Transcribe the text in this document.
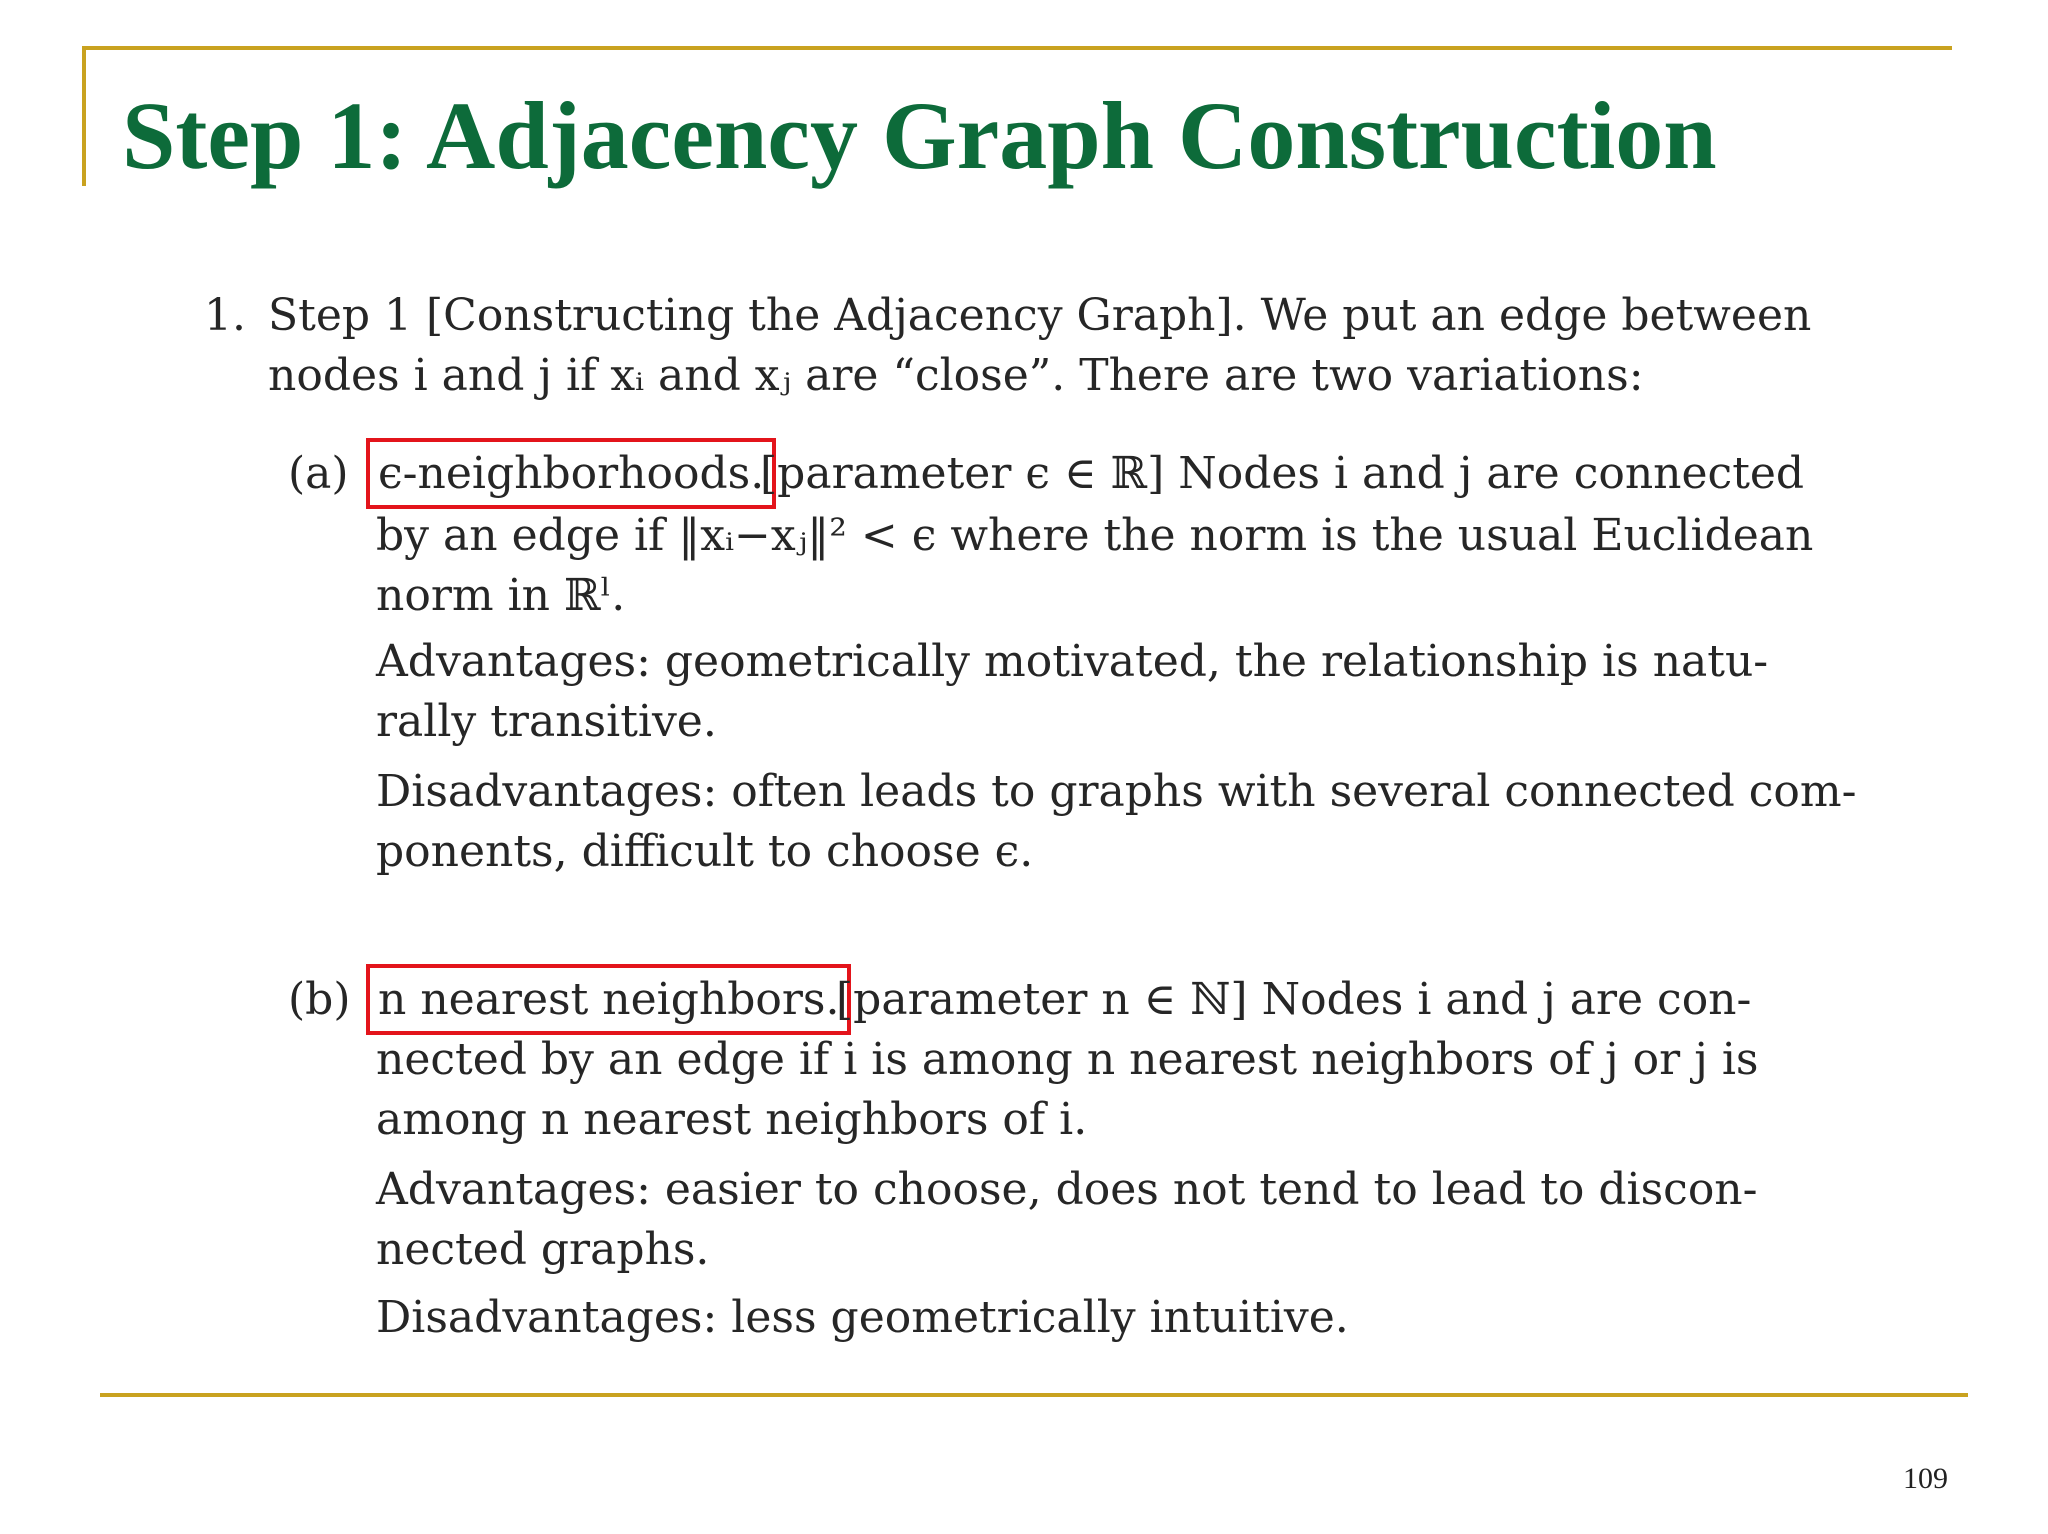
Step 1: Adjacency Graph Construction
1. Step 1 [Constructing the Adjacency Graph]. We put an edge between
nodes i and j if xᵢ and xⱼ are “close”. There are two variations:
(a) ϵ-neighborhoods.
[parameter ϵ ∈ ℝ] Nodes i and j are connected
by an edge if ‖xᵢ−xⱼ‖² < ϵ where the norm is the usual Euclidean
norm in ℝˡ.
Advantages: geometrically motivated, the relationship is natu-
rally transitive.
Disadvantages: often leads to graphs with several connected com-
ponents, difficult to choose ϵ.
(b) n nearest neighbors.
[parameter n ∈ ℕ] Nodes i and j are con-
nected by an edge if i is among n nearest neighbors of j or j is
among n nearest neighbors of i.
Advantages: easier to choose, does not tend to lead to discon-
nected graphs.
Disadvantages: less geometrically intuitive.
109
